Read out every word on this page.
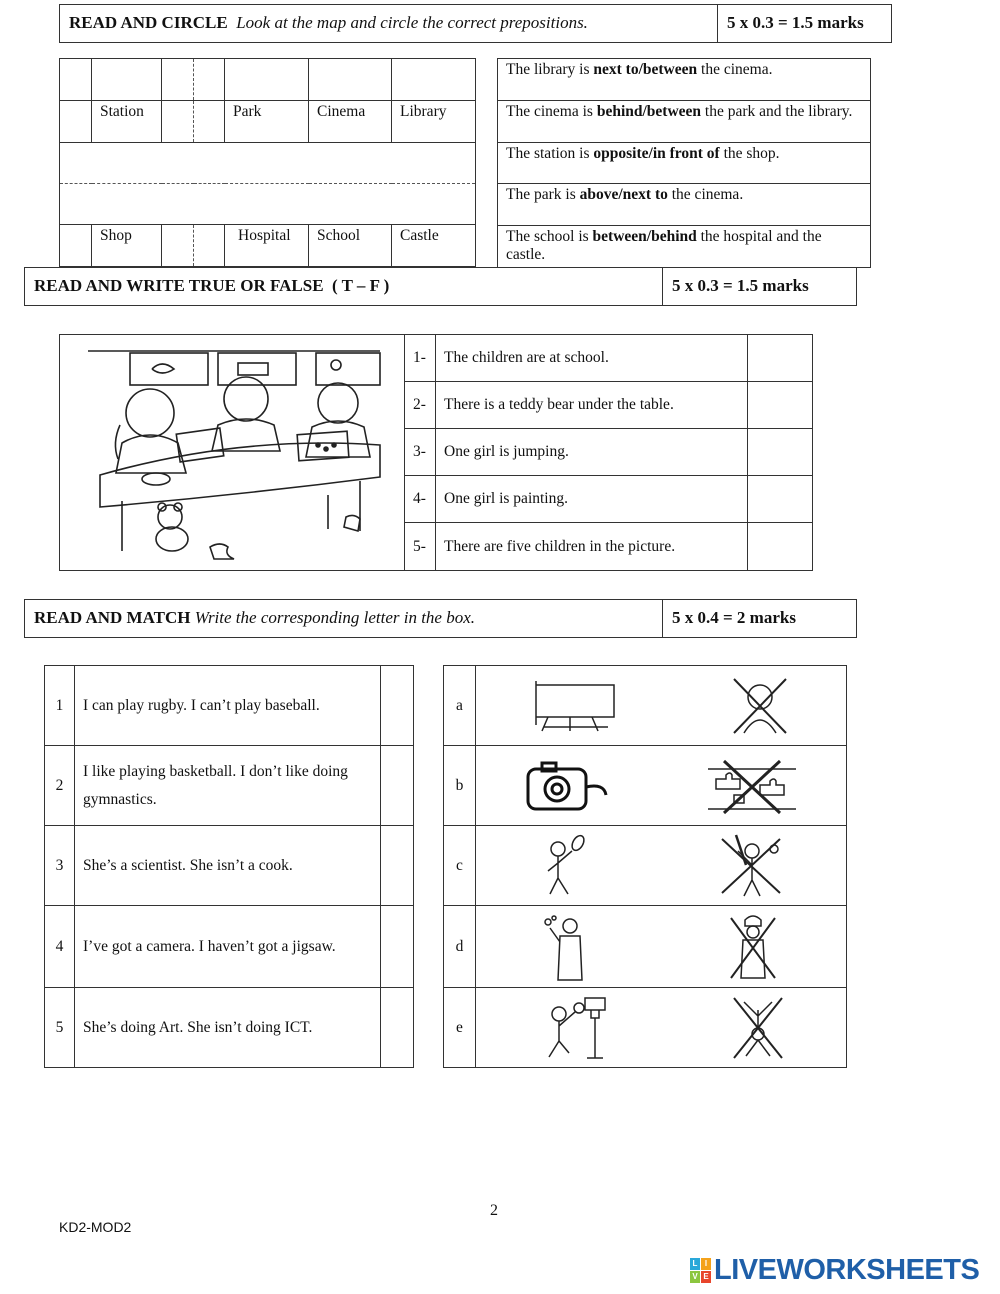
READ AND CIRCLE Look at the map and circle the correct prepositions.	5 x 0.3 = 1.5 marks

	Station			Park	Cinema	Library

	Shop			Hospital	School	Castle
The library is next to/between the cinema.
The cinema is behind/between the park and the library.
The station is opposite/in front of the shop.
The park is above/next to the cinema.
The school is between/behind the hospital and the castle.
READ AND WRITE TRUE OR FALSE ( T – F )	5 x 0.3 = 1.5 marks
1-	The children are at school.	
2-	There is a teddy bear under the table.	
3-	One girl is jumping.	
4-	One girl is painting.	
5-	There are five children in the picture.	
READ AND MATCH Write the corresponding letter in the box.	5 x 0.4 = 2 marks
1	I can play rugby. I can’t play baseball.	
2	I like playing basketball. I don’t like doing gymnastics.	
3	She’s a scientist. She isn’t a cook.	
4	I’ve got a camera. I haven’t got a jigsaw.	
5	She’s doing Art. She isn’t doing ICT.	
a	

b	

c	

d	

e	
2
KD2-MOD2
L I
V E LIVE WORKSHEETS
